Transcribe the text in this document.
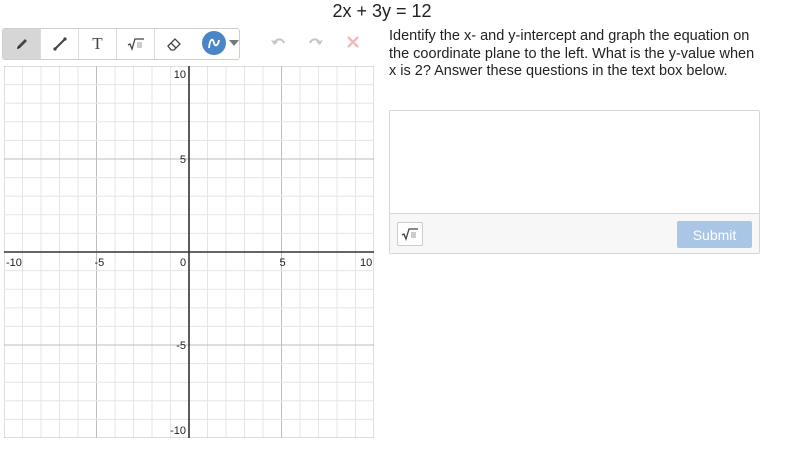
2x + 3y = 12
T
-10	-5	0	5	10
10
5
-5
-10
Identify the x- and y-intercept and graph the equation on the coordinate plane to the left. What is the y-value when x is 2? Answer these questions in the text box below.
Submit
